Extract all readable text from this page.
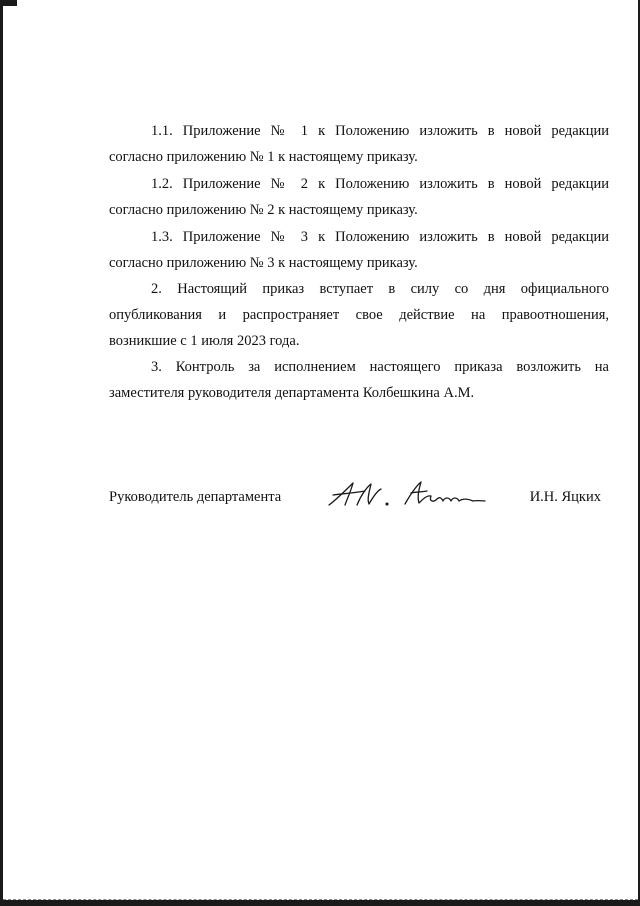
1.1. Приложение № 1 к Положению изложить в новой редакции
согласно приложению № 1 к настоящему приказу.

1.2. Приложение № 2 к Положению изложить в новой редакции
согласно приложению № 2 к настоящему приказу.

1.3. Приложение № 3 к Положению изложить в новой редакции
согласно приложению № 3 к настоящему приказу.

2. Настоящий приказ вступает в силу со дня официального
опубликования и распространяет свое действие на правоотношения,
возникшие с 1 июля 2023 года.

3. Контроль за исполнением настоящего приказа возложить на
заместителя руководителя департамента Колбешкина А.М.

Руководитель департамента	И.Н. Яцких
